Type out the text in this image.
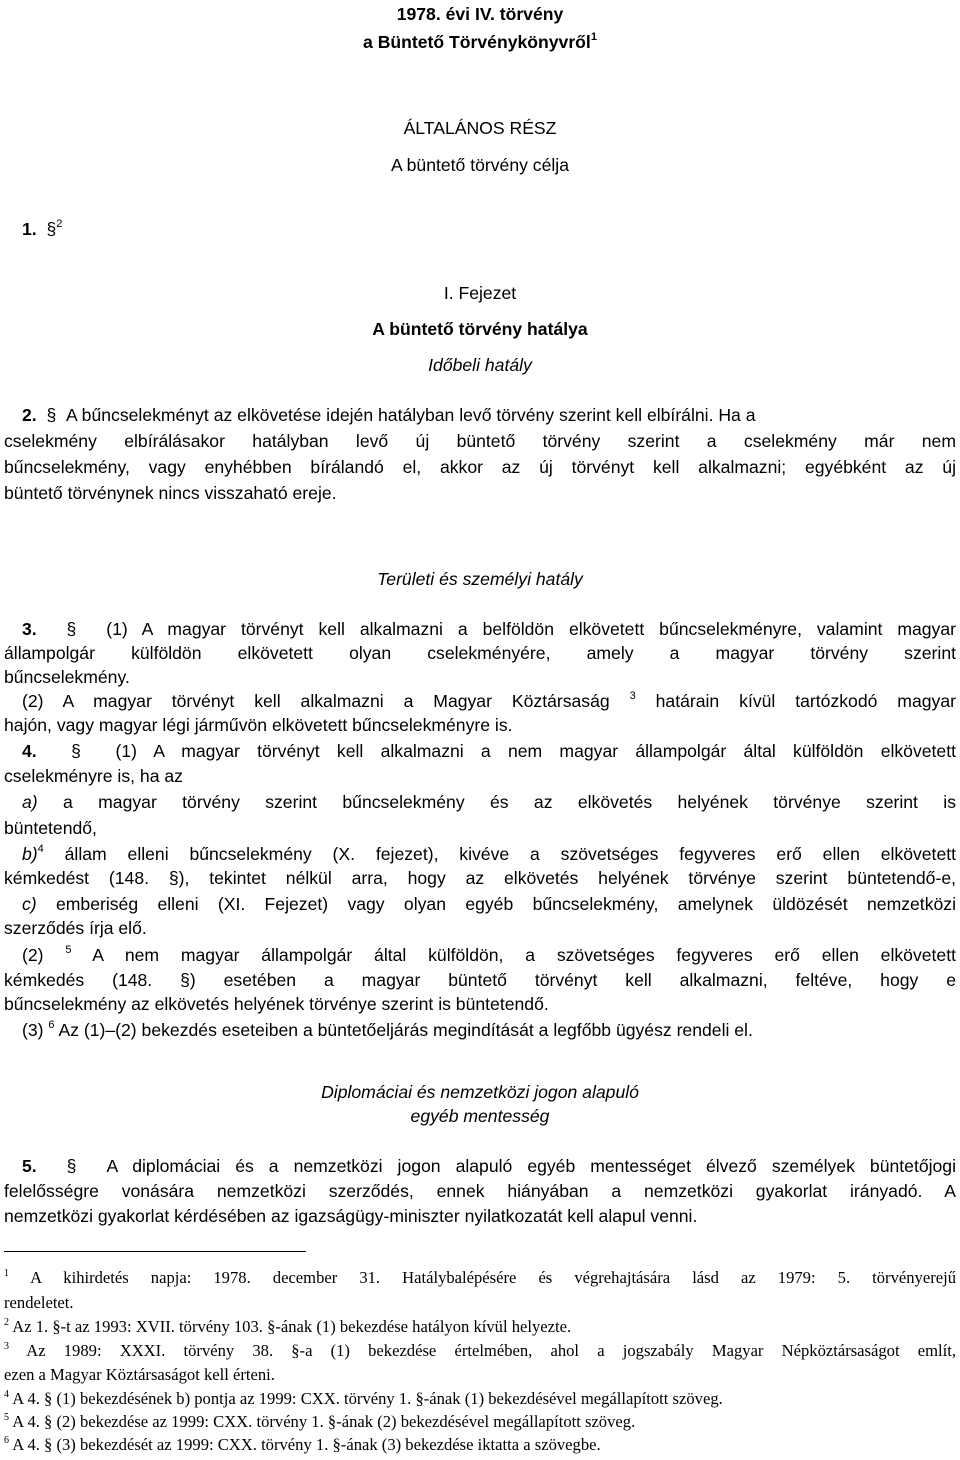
1978. évi IV. törvény
a Büntető Törvénykönyvről$^1$
ÁLTALÁNOS RÉSZ
A büntető törvény célja
1. §$^2$
I. Fejezet
A büntető törvény hatálya
Időbeli hatály
2.  §  A bűncselekményt az elkövetése idején hatályban levő törvény szerint kell elbírálni. Ha a
cselekmény elbírálásakor hatályban levő új büntető törvény szerint a cselekmény már nem
bűncselekmény, vagy enyhébben bírálandó el, akkor az új törvényt kell alkalmazni; egyébként az új
büntető törvénynek nincs visszaható ereje.
Területi és személyi hatály
3.  §  (1) A magyar törvényt kell alkalmazni a belföldön elkövetett bűncselekményre, valamint magyar
állampolgár külföldön elkövetett olyan cselekményére, amely a magyar törvény szerint
bűncselekmény.
(2) A magyar törvényt kell alkalmazni a Magyar Köztársaság $^3$ határain kívül tartózkodó magyar
hajón, vagy magyar légi járművön elkövetett bűncselekményre is.
4.  §  (1) A magyar törvényt kell alkalmazni a nem magyar állampolgár által külföldön elkövetett
cselekményre is, ha az
a) a magyar törvény szerint bűncselekmény és az elkövetés helyének törvénye szerint is
büntetendő,
b)$^4$ állam elleni bűncselekmény (X. fejezet), kivéve a szövetséges fegyveres erő ellen elkövetett
kémkedést (148. §), tekintet nélkül arra, hogy az elkövetés helyének törvénye szerint büntetendő-e,
c) emberiség elleni (XI. Fejezet) vagy olyan egyéb bűncselekmény, amelynek üldözését nemzetközi
szerződés írja elő.
(2) $^5$ A nem magyar állampolgár által külföldön, a szövetséges fegyveres erő ellen elkövetett
kémkedés (148. §) esetében a magyar büntető törvényt kell alkalmazni, feltéve, hogy e
bűncselekmény az elkövetés helyének törvénye szerint is büntetendő.
(3) $^6$ Az (1)–(2) bekezdés eseteiben a büntetőeljárás megindítását a legfőbb ügyész rendeli el.
Diplomáciai és nemzetközi jogon alapuló
egyéb mentesség
5.  §  A diplomáciai és a nemzetközi jogon alapuló egyéb mentességet élvező személyek büntetőjogi
felelősségre vonására nemzetközi szerződés, ennek hiányában a nemzetközi gyakorlat irányadó. A
nemzetközi gyakorlat kérdésében az igazságügy-miniszter nyilatkozatát kell alapul venni.
$^1$ A kihirdetés napja: 1978. december 31. Hatálybalépésére és végrehajtására lásd az 1979: 5. törvényerejű
rendeletet.
$^2$ Az 1. §-t az 1993: XVII. törvény 103. §-ának (1) bekezdése hatályon kívül helyezte.
$^3$ Az 1989: XXXI. törvény 38. §-a (1) bekezdése értelmében, ahol a jogszabály Magyar Népköztársaságot említ,
ezen a Magyar Köztársaságot kell érteni.
$^4$ A 4. § (1) bekezdésének b) pontja az 1999: CXX. törvény 1. §-ának (1) bekezdésével megállapított szöveg.
$^5$ A 4. § (2) bekezdése az 1999: CXX. törvény 1. §-ának (2) bekezdésével megállapított szöveg.
$^6$ A 4. § (3) bekezdését az 1999: CXX. törvény 1. §-ának (3) bekezdése iktatta a szövegbe.
